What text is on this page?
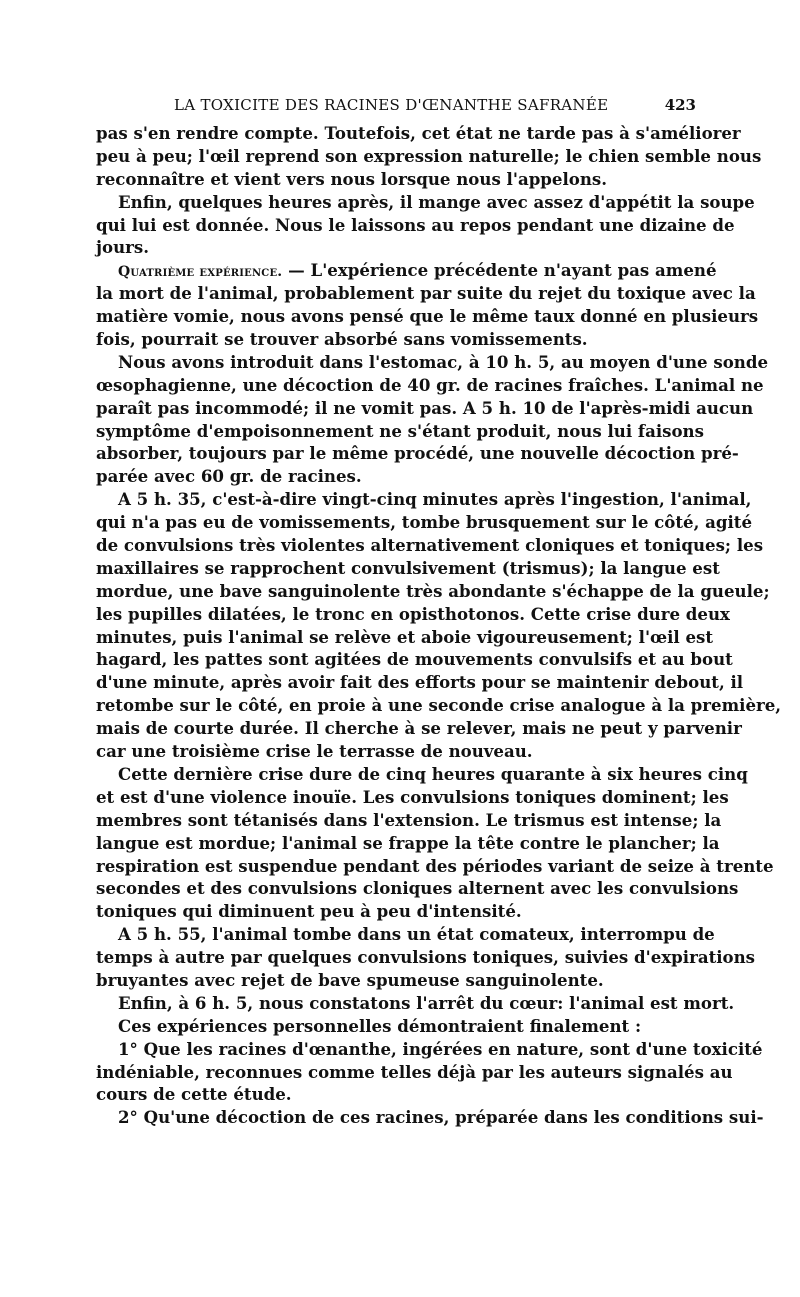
LA TOXICITE DES RACINES D'ŒNANTHE SAFRANÉE	423
pas s'en rendre compte. Toutefois, cet état ne tarde pas à s'améliorer
peu à peu; l'œil reprend son expression naturelle; le chien semble nous
reconnaître et vient vers nous lorsque nous l'appelons.
Enfin, quelques heures après, il mange avec assez d'appétit la soupe
qui lui est donnée. Nous le laissons au repos pendant une dizaine de
jours.
Quatrième expérience. — L'expérience précédente n'ayant pas amené
la mort de l'animal, probablement par suite du rejet du toxique avec la
matière vomie, nous avons pensé que le même taux donné en plusieurs
fois, pourrait se trouver absorbé sans vomissements.
Nous avons introduit dans l'estomac, à 10 h. 5, au moyen d'une sonde
œsophagienne, une décoction de 40 gr. de racines fraîches. L'animal ne
paraît pas incommodé; il ne vomit pas. A 5 h. 10 de l'après-midi aucun
symptôme d'empoisonnement ne s'étant produit, nous lui faisons
absorber, toujours par le même procédé, une nouvelle décoction pré-
parée avec 60 gr. de racines.
A 5 h. 35, c'est-à-dire vingt-cinq minutes après l'ingestion, l'animal,
qui n'a pas eu de vomissements, tombe brusquement sur le côté, agité
de convulsions très violentes alternativement cloniques et toniques; les
maxillaires se rapprochent convulsivement (trismus); la langue est
mordue, une bave sanguinolente très abondante s'échappe de la gueule;
les pupilles dilatées, le tronc en opisthotonos. Cette crise dure deux
minutes, puis l'animal se relève et aboie vigoureusement; l'œil est
hagard, les pattes sont agitées de mouvements convulsifs et au bout
d'une minute, après avoir fait des efforts pour se maintenir debout, il
retombe sur le côté, en proie à une seconde crise analogue à la première,
mais de courte durée. Il cherche à se relever, mais ne peut y parvenir
car une troisième crise le terrasse de nouveau.
Cette dernière crise dure de cinq heures quarante à six heures cinq
et est d'une violence inouïe. Les convulsions toniques dominent; les
membres sont tétanisés dans l'extension. Le trismus est intense; la
langue est mordue; l'animal se frappe la tête contre le plancher; la
respiration est suspendue pendant des périodes variant de seize à trente
secondes et des convulsions cloniques alternent avec les convulsions
toniques qui diminuent peu à peu d'intensité.
A 5 h. 55, l'animal tombe dans un état comateux, interrompu de
temps à autre par quelques convulsions toniques, suivies d'expirations
bruyantes avec rejet de bave spumeuse sanguinolente.
Enfin, à 6 h. 5, nous constatons l'arrêt du cœur: l'animal est mort.
Ces expériences personnelles démontraient finalement :
1° Que les racines d'œnanthe, ingérées en nature, sont d'une toxicité
indéniable, reconnues comme telles déjà par les auteurs signalés au
cours de cette étude.
2° Qu'une décoction de ces racines, préparée dans les conditions sui-
